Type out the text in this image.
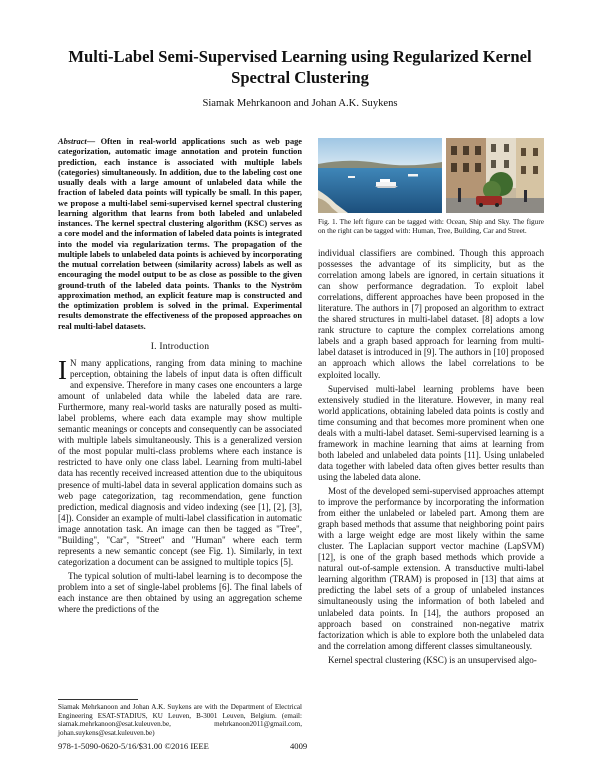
Multi-Label Semi-Supervised Learning using Regularized Kernel
Spectral Clustering
Siamak Mehrkanoon and Johan A.K. Suykens
Abstract— Often in real-world applications such as web page categorization, automatic image annotation and protein function prediction, each instance is associated with multiple labels (categories) simultaneously. In addition, due to the labeling cost one usually deals with a large amount of unlabeled data while the fraction of labeled data points will typically be small. In this paper, we propose a multi-label semi-supervised kernel spectral clustering learning algorithm that learns from both labeled and unlabeled instances. The kernel spectral clustering algorithm (KSC) serves as a core model and the information of labeled data points is integrated into the model via regularization terms. The propagation of the multiple labels to unlabeled data points is achieved by incorporating the mutual correlation between (similarity across) labels as well as encouraging the model output to be as close as possible to the given ground-truth of the labeled data points. Thanks to the Nyström approximation method, an explicit feature map is constructed and the optimization problem is solved in the primal. Experimental results demonstrate the effectiveness of the proposed approaches on real multi-label datasets.
I. Introduction

I N many applications, ranging from data mining to machine perception, obtaining the labels of input data is often difficult and expensive. Therefore in many cases one encounters a large amount of unlabeled data while the labeled data are rare. Furthermore, many real-world tasks are naturally posed as multi-label problems, where each data example may show multiple semantic meanings or concepts and consequently can be associated with multiple labels simultaneously. This is a generalized version of the most popular multi-class problems where each instance is restricted to have only one class label. Learning from multi-label data has recently received increased attention due to the ubiquitous presence of multi-label data in several application domains such as web page categorization, tag recommendation, gene function prediction, medical diagnosis and video indexing (see [1], [2], [3], [4]). Consider an example of multi-label classification in automatic image annotation task. An image can then be tagged as "Tree", "Building", "Car", "Street" and "Human" where each term represents a new semantic concept (see Fig. 1). Similarly, in text categorization a document can be assigned to multiple topics [5].

The typical solution of multi-label learning is to decompose the problem into a set of single-label problems [6]. The final labels of each instance are then obtained by using an aggregation scheme where the predictions of the

Siamak Mehrkanoon and Johan A.K. Suykens are with the Department of Electrical Engineering ESAT-STADIUS, KU Leuven, B-3001 Leuven, Belgium. (email: siamak.mehrkanoon@esat.kuleuven.be, mehrkanoon2011@gmail.com, johan.suykens@esat.kuleuven.be)
Fig. 1. The left figure can be tagged with: Ocean, Ship and Sky. The figure on the right can be tagged with: Human, Tree, Building, Car and Street.

individual classifiers are combined. Though this approach possesses the advantage of its simplicity, but as the correlation among labels are ignored, in certain situations it can show performance degradation. To exploit label correlations, different approaches have been proposed in the literature. The authors in [7] proposed an algorithm to extract the shared structures in multi-label dataset. [8] adopts a low rank structure to capture the complex correlations among labels and a graph based approach for learning from multi-label dataset is introduced in [9]. The authors in [10] proposed an approach which allows the label correlations to be exploited locally.

Supervised multi-label learning problems have been extensively studied in the literature. However, in many real world applications, obtaining labeled data points is costly and time consuming and that becomes more prominent when one deals with a multi-label dataset. Semi-supervised learning is a framework in machine learning that aims at learning from both labeled and unlabeled data points [11]. Using unlabeled data together with labeled data often gives better results than using the labeled data alone.

Most of the developed semi-supervised approaches attempt to improve the performance by incorporating the information from either the unlabeled or labeled part. Among them are graph based methods that assume that neighboring point pairs with a large weight edge are most likely within the same cluster. The Laplacian support vector machine (LapSVM) [12], is one of the graph based methods which provide a natural out-of-sample extension. A transductive multi-label learning algorithm (TRAM) is proposed in [13] that aims at predicting the label sets of a group of unlabeled instances simultaneously using the information of both labeled and unlabeled data points. In [14], the authors proposed an approach based on constrained non-negative matrix factorization which is able to explore both the unlabeled data and the correlation among different classes simultaneously.

Kernel spectral clustering (KSC) is an unsupervised algo-

978-1-5090-0620-5/16/$31.00 ©2016 IEEE	4009
